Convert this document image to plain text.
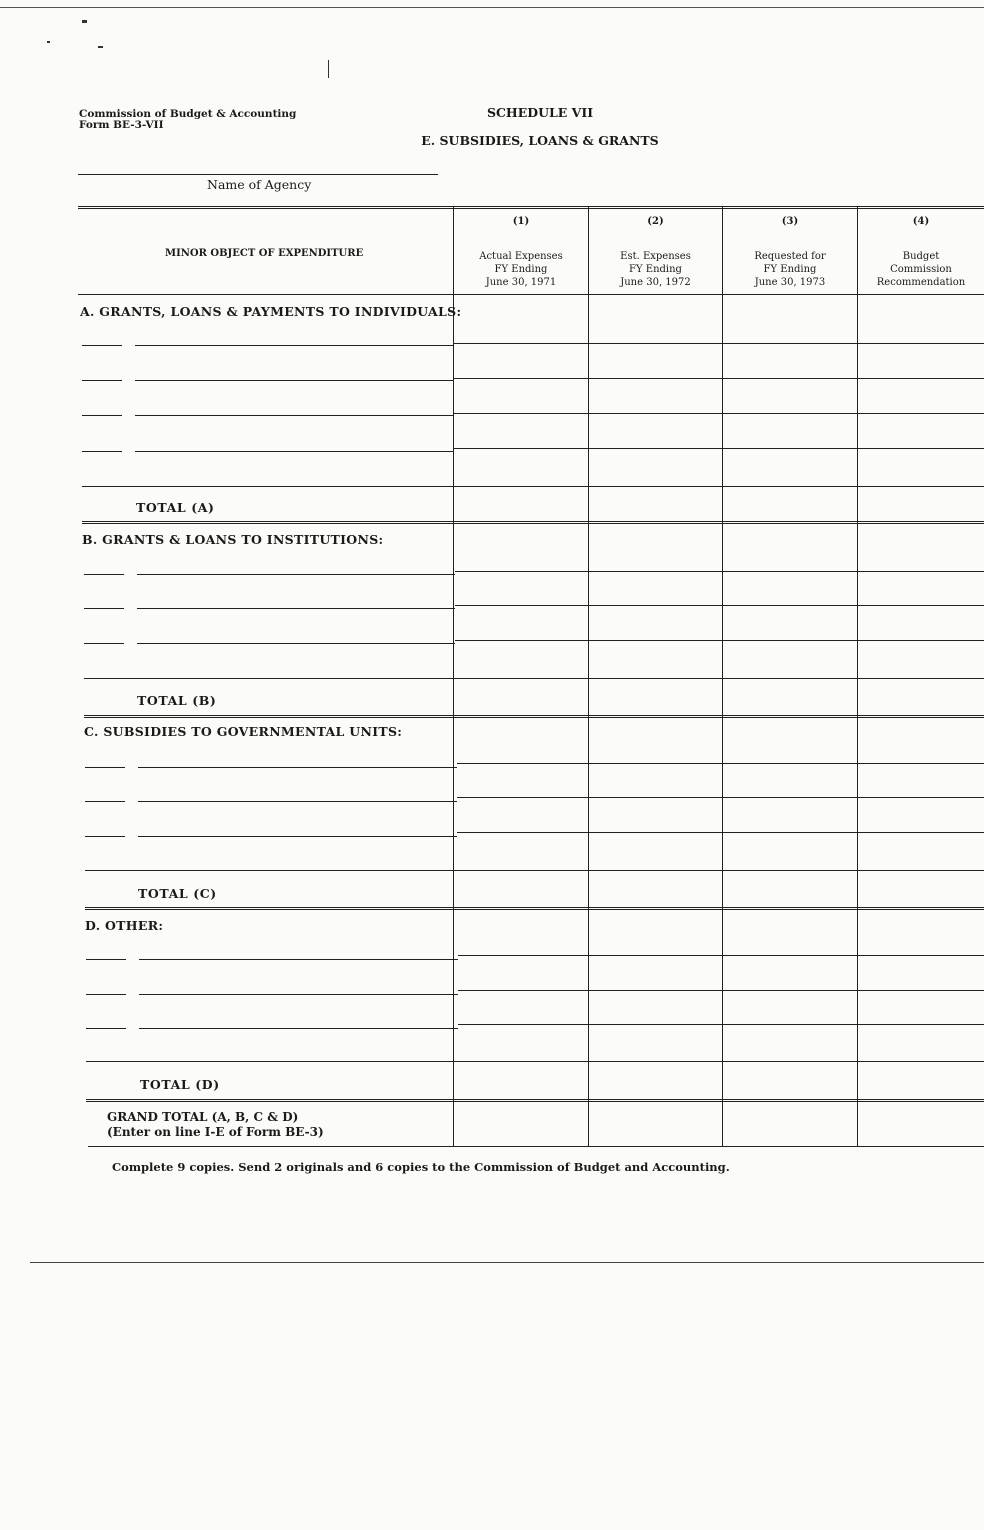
Commission of Budget & Accounting
Form BE-3-VII
SCHEDULE VII
E. SUBSIDIES, LOANS & GRANTS
Name of Agency
MINOR OBJECT OF EXPENDITURE
(1)
Actual Expenses
FY Ending
June 30, 1971
(2)
Est. Expenses
FY Ending
June 30, 1972
(3)
Requested for
FY Ending
June 30, 1973
(4)
Budget
Commission
Recommendation
A. GRANTS, LOANS & PAYMENTS TO INDIVIDUALS:
TOTAL (A)
B. GRANTS & LOANS TO INSTITUTIONS:
TOTAL (B)
C. SUBSIDIES TO GOVERNMENTAL UNITS:
TOTAL (C)
D. OTHER:
TOTAL (D)
GRAND TOTAL (A, B, C & D)
(Enter on line I-E of Form BE-3)
Complete 9 copies. Send 2 originals and 6 copies to the Commission of Budget and Accounting.
